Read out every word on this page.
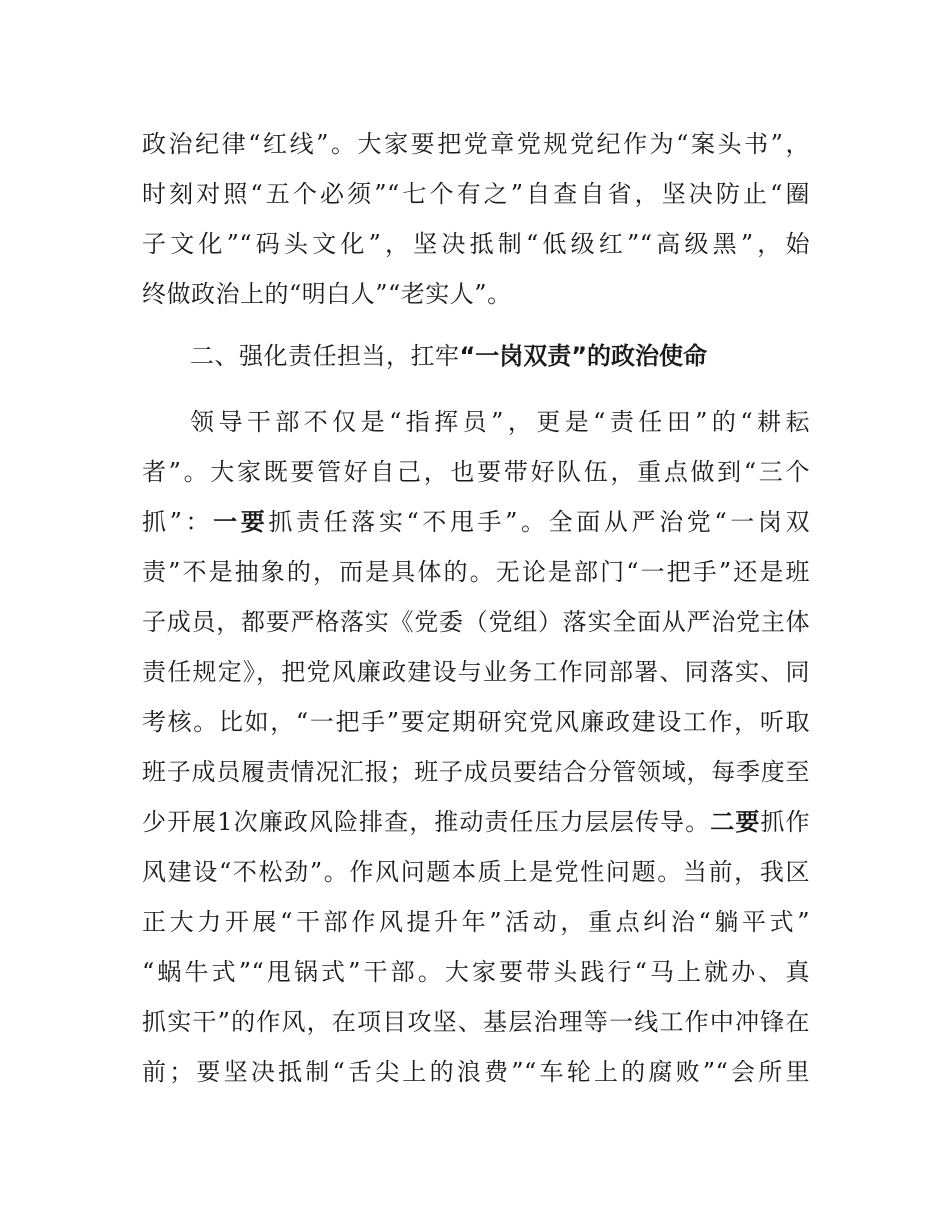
政治纪律“红线”。大家要把党章党规党纪作为“案头书”，
时刻对照“五个必须”“七个有之”自查自省，坚决防止“圈
子文化”“码头文化”，坚决抵制“低级红”“高级黑”，始
终做政治上的“明白人”“老实人”。
二、强化责任担当，扛牢“一岗双责”的政治使命
领导干部不仅是“指挥员”，更是“责任田”的“耕耘
者”。大家既要管好自己，也要带好队伍，重点做到“三个
抓”：一要抓责任落实“不甩手”。全面从严治党“一岗双
责”不是抽象的，而是具体的。无论是部门“一把手”还是班
子成员，都要严格落实《党委（党组）落实全面从严治党主体
责任规定》，把党风廉政建设与业务工作同部署、同落实、同
考核。比如，“一把手”要定期研究党风廉政建设工作，听取
班子成员履责情况汇报；班子成员要结合分管领域，每季度至
少开展1次廉政风险排查，推动责任压力层层传导。二要抓作
风建设“不松劲”。作风问题本质上是党性问题。当前，我区
正大力开展“干部作风提升年”活动，重点纠治“躺平式”
“蜗牛式”“甩锅式”干部。大家要带头践行“马上就办、真
抓实干”的作风，在项目攻坚、基层治理等一线工作中冲锋在
前；要坚决抵制“舌尖上的浪费”“车轮上的腐败”“会所里
